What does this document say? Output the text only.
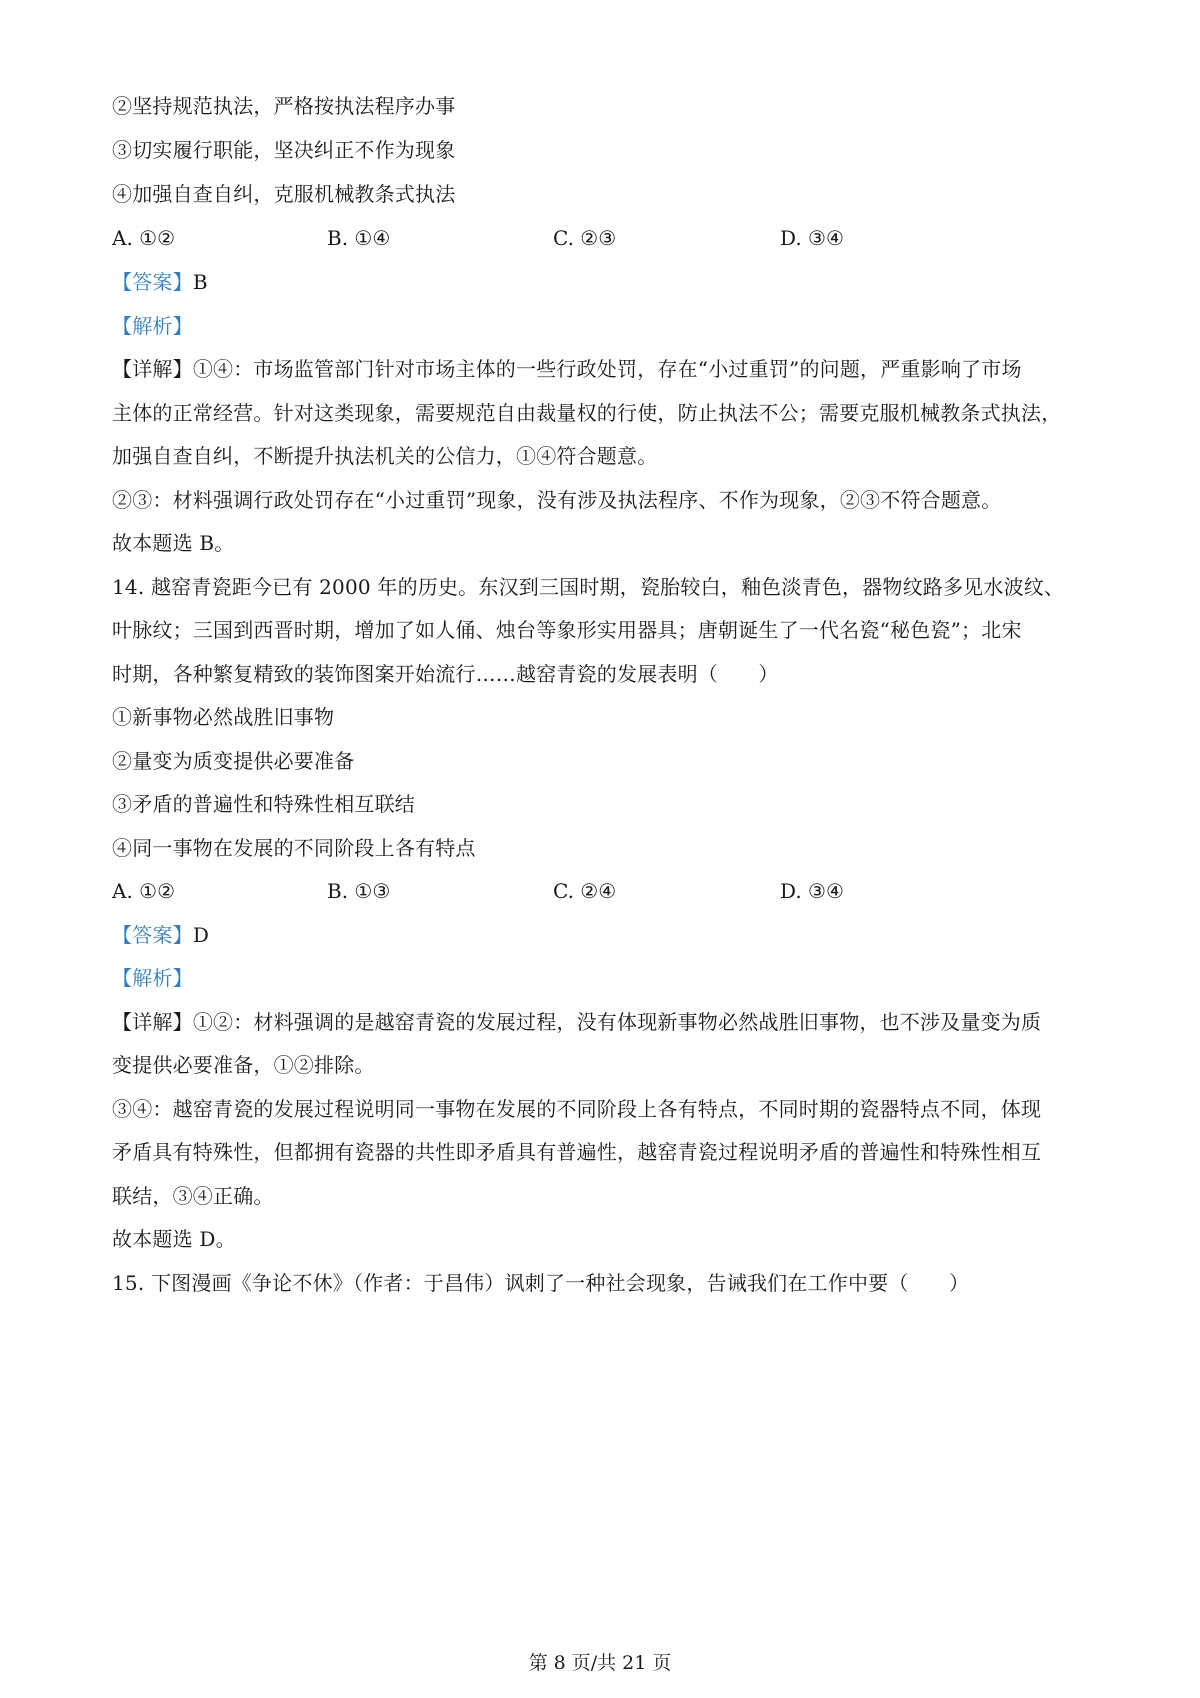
②坚持规范执法，严格按执法程序办事
③切实履行职能，坚决纠正不作为现象
④加强自查自纠，克服机械教条式执法
A. ①②	B. ①④	C. ②③	D. ③④
【答案】B
【解析】
【详解】①④：市场监管部门针对市场主体的一些行政处罚，存在“小过重罚”的问题，严重影响了市场
主体的正常经营。针对这类现象，需要规范自由裁量权的行使，防止执法不公；需要克服机械教条式执法，
加强自查自纠，不断提升执法机关的公信力，①④符合题意。
②③：材料强调行政处罚存在“小过重罚”现象，没有涉及执法程序、不作为现象，②③不符合题意。
故本题选 B。
14. 越窑青瓷距今已有 2000 年的历史。东汉到三国时期，瓷胎较白，釉色淡青色，器物纹路多见水波纹、
叶脉纹；三国到西晋时期，增加了如人俑、烛台等象形实用器具；唐朝诞生了一代名瓷“秘色瓷”；北宋
时期，各种繁复精致的装饰图案开始流行……越窑青瓷的发展表明（　　）
①新事物必然战胜旧事物
②量变为质变提供必要准备
③矛盾的普遍性和特殊性相互联结
④同一事物在发展的不同阶段上各有特点
A. ①②	B. ①③	C. ②④	D. ③④
【答案】D
【解析】
【详解】①②：材料强调的是越窑青瓷的发展过程，没有体现新事物必然战胜旧事物，也不涉及量变为质
变提供必要准备，①②排除。
③④：越窑青瓷的发展过程说明同一事物在发展的不同阶段上各有特点，不同时期的瓷器特点不同，体现
矛盾具有特殊性，但都拥有瓷器的共性即矛盾具有普遍性，越窑青瓷过程说明矛盾的普遍性和特殊性相互
联结，③④正确。
故本题选 D。
15. 下图漫画《争论不休》（作者：于昌伟）讽刺了一种社会现象，告诫我们在工作中要（　　）
第 8 页/共 21 页
